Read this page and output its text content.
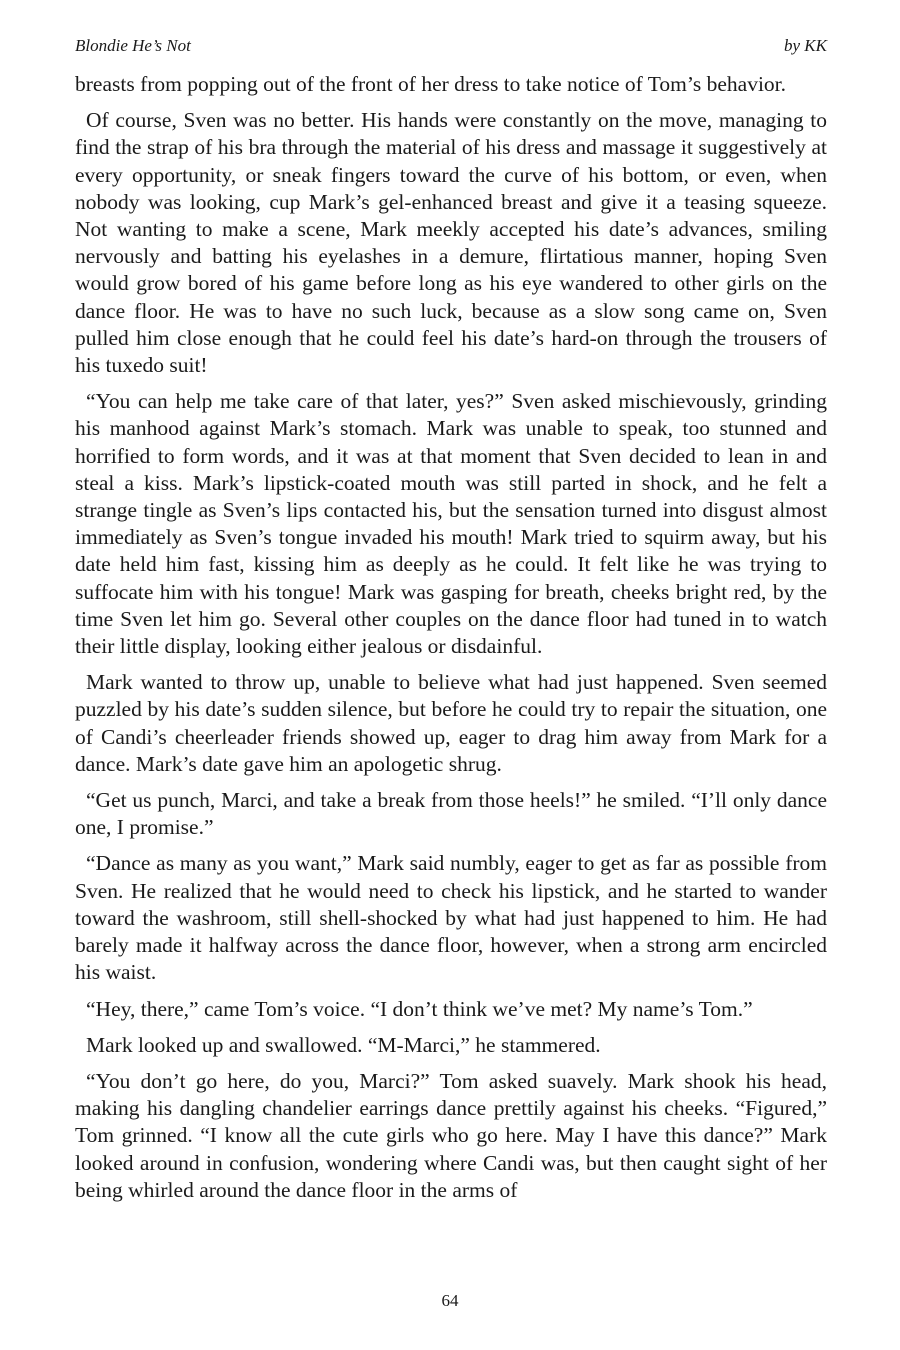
Blondie He’s Not	by KK

breasts from popping out of the front of her dress to take notice of Tom’s behavior.

Of course, Sven was no better. His hands were constantly on the move, managing to find the strap of his bra through the material of his dress and massage it suggestively at every opportunity, or sneak fingers toward the curve of his bottom, or even, when nobody was looking, cup Mark’s gel-enhanced breast and give it a teasing squeeze. Not wanting to make a scene, Mark meekly accepted his date’s advances, smiling nervously and batting his eyelashes in a demure, flirtatious manner, hoping Sven would grow bored of his game before long as his eye wandered to other girls on the dance floor. He was to have no such luck, because as a slow song came on, Sven pulled him close enough that he could feel his date’s hard-on through the trousers of his tuxedo suit!

“You can help me take care of that later, yes?” Sven asked mischievously, grinding his manhood against Mark’s stomach. Mark was unable to speak, too stunned and horrified to form words, and it was at that moment that Sven decided to lean in and steal a kiss. Mark’s lipstick-coated mouth was still parted in shock, and he felt a strange tingle as Sven’s lips contacted his, but the sensation turned into disgust almost immediately as Sven’s tongue invaded his mouth! Mark tried to squirm away, but his date held him fast, kissing him as deeply as he could. It felt like he was trying to suffocate him with his tongue! Mark was gasping for breath, cheeks bright red, by the time Sven let him go. Several other couples on the dance floor had tuned in to watch their little display, looking either jealous or disdainful.

Mark wanted to throw up, unable to believe what had just happened. Sven seemed puzzled by his date’s sudden silence, but before he could try to repair the situation, one of Candi’s cheerleader friends showed up, eager to drag him away from Mark for a dance. Mark’s date gave him an apologetic shrug.

“Get us punch, Marci, and take a break from those heels!” he smiled. “I’ll only dance one, I promise.”

“Dance as many as you want,” Mark said numbly, eager to get as far as possible from Sven. He realized that he would need to check his lipstick, and he started to wander toward the washroom, still shell-shocked by what had just happened to him. He had barely made it halfway across the dance floor, however, when a strong arm encircled his waist.

“Hey, there,” came Tom’s voice. “I don’t think we’ve met? My name’s Tom.”

Mark looked up and swallowed. “M-Marci,” he stammered.

“You don’t go here, do you, Marci?” Tom asked suavely. Mark shook his head, making his dangling chandelier earrings dance prettily against his cheeks. “Figured,” Tom grinned. “I know all the cute girls who go here. May I have this dance?” Mark looked around in confusion, wondering where Candi was, but then caught sight of her being whirled around the dance floor in the arms of

64
